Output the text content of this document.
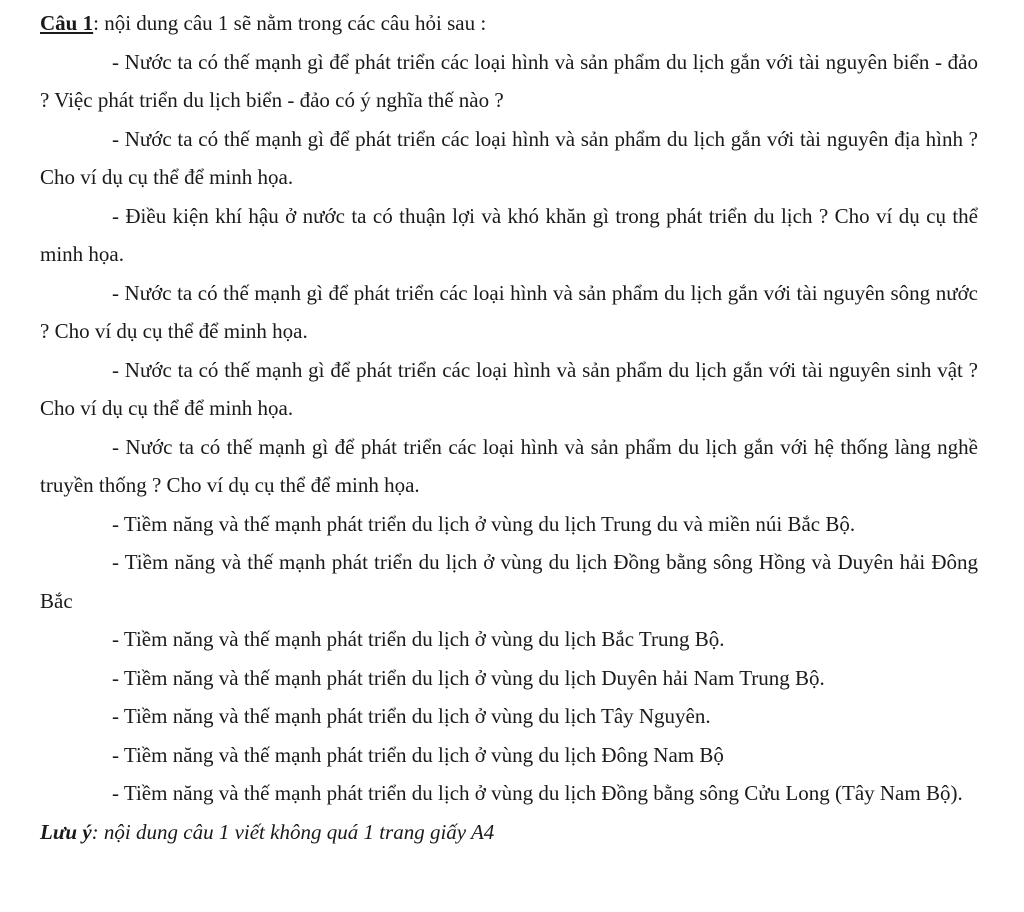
Câu 1: nội dung câu 1 sẽ nằm trong các câu hỏi sau :

- Nước ta có thế mạnh gì để phát triển các loại hình và sản phẩm du lịch gắn với tài nguyên biển - đảo ? Việc phát triển du lịch biển - đảo có ý nghĩa thế nào ?

- Nước ta có thế mạnh gì để phát triển các loại hình và sản phẩm du lịch gắn với tài nguyên địa hình ? Cho ví dụ cụ thể để minh họa.

- Điều kiện khí hậu ở nước ta có thuận lợi và khó khăn gì trong phát triển du lịch ? Cho ví dụ cụ thể minh họa.

- Nước ta có thế mạnh gì để phát triển các loại hình và sản phẩm du lịch gắn với tài nguyên sông nước ? Cho ví dụ cụ thể để minh họa.

- Nước ta có thế mạnh gì để phát triển các loại hình và sản phẩm du lịch gắn với tài nguyên sinh vật ? Cho ví dụ cụ thể để minh họa.

- Nước ta có thế mạnh gì để phát triển các loại hình và sản phẩm du lịch gắn với hệ thống làng nghề truyền thống ? Cho ví dụ cụ thể để minh họa.

- Tiềm năng và thế mạnh phát triển du lịch ở vùng du lịch Trung du và miền núi Bắc Bộ.

- Tiềm năng và thế mạnh phát triển du lịch ở vùng du lịch Đồng bằng sông Hồng và Duyên hải Đông Bắc

- Tiềm năng và thế mạnh phát triển du lịch ở vùng du lịch Bắc Trung Bộ.

- Tiềm năng và thế mạnh phát triển du lịch ở vùng du lịch Duyên hải Nam Trung Bộ.

- Tiềm năng và thế mạnh phát triển du lịch ở vùng du lịch Tây Nguyên.

- Tiềm năng và thế mạnh phát triển du lịch ở vùng du lịch Đông Nam Bộ

- Tiềm năng và thế mạnh phát triển du lịch ở vùng du lịch Đồng bằng sông Cửu Long (Tây Nam Bộ).

Lưu ý: nội dung câu 1 viết không quá 1 trang giấy A4
